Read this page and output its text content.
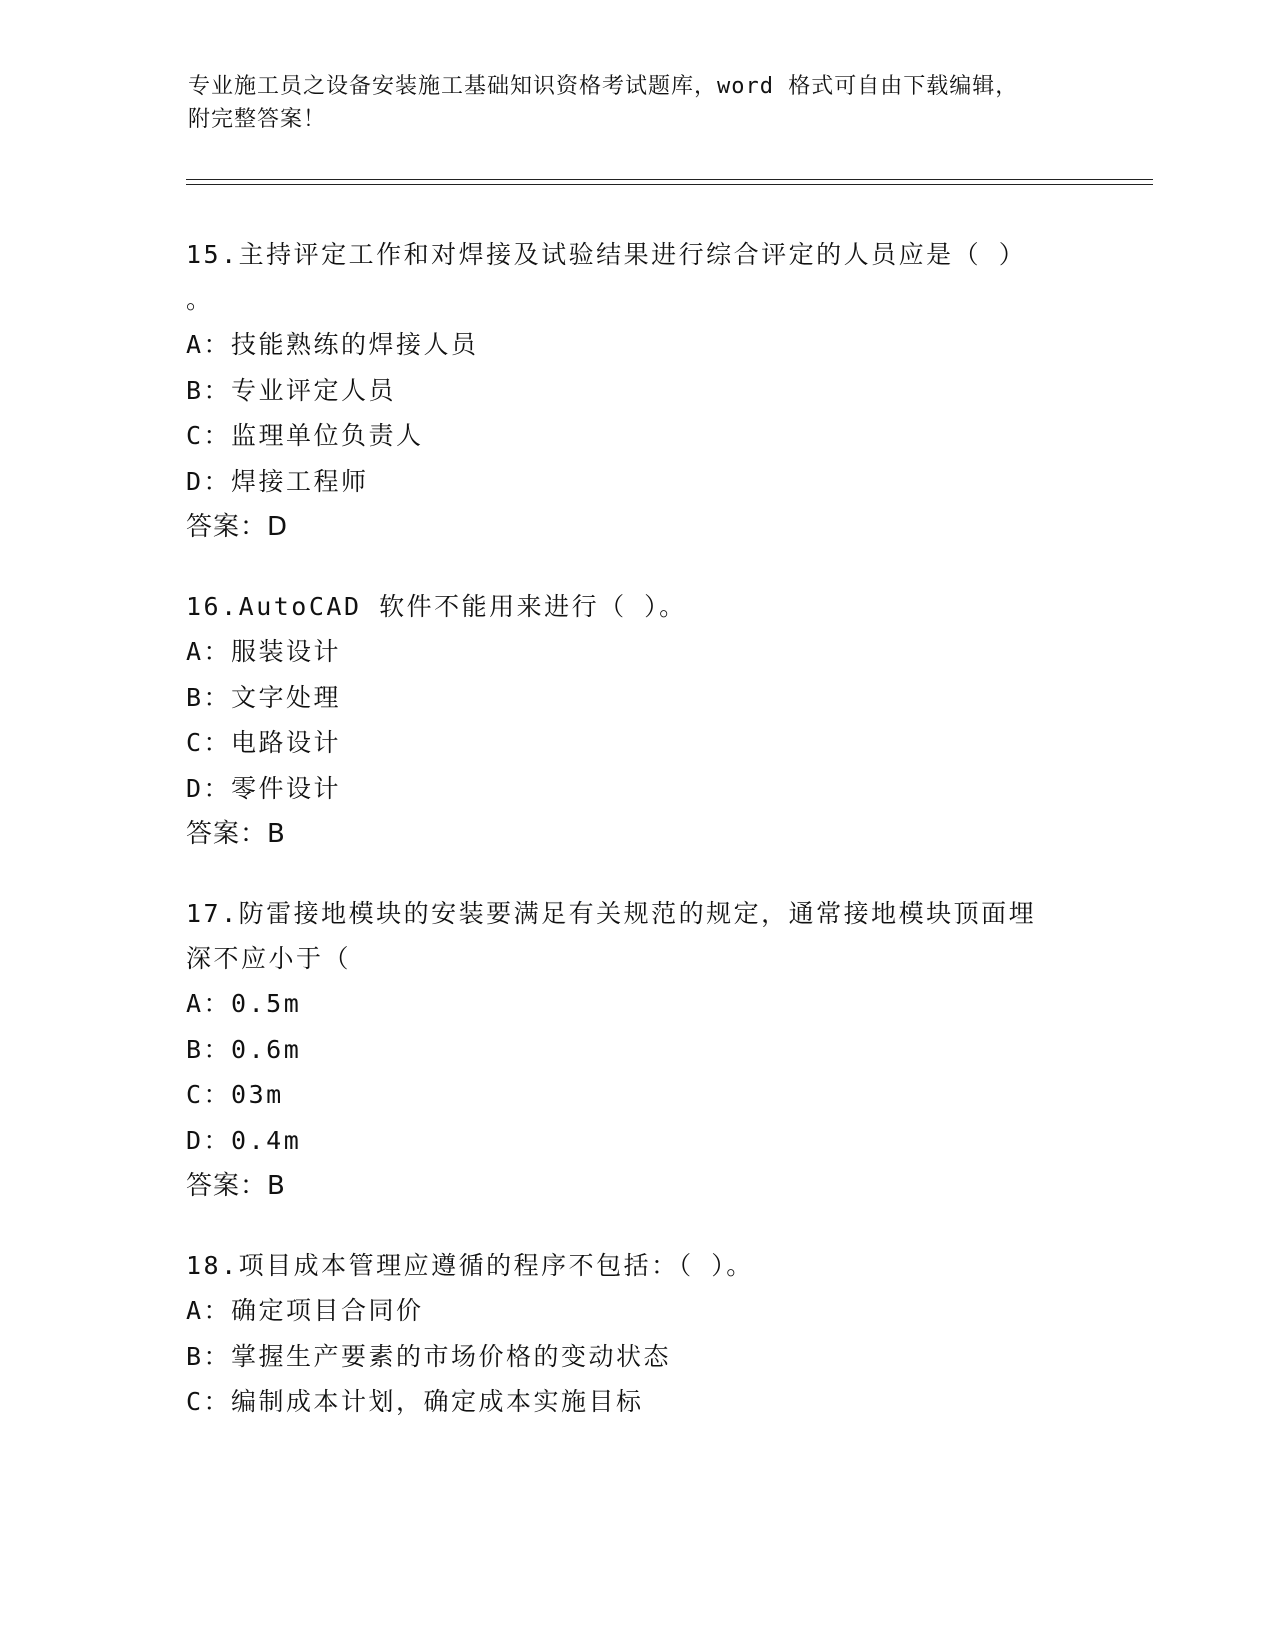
专业施工员之设备安装施工基础知识资格考试题库，word 格式可自由下载编辑，
附完整答案！

15.主持评定工作和对焊接及试验结果进行综合评定的人员应是（ ）

。

A：技能熟练的焊接人员

B：专业评定人员

C：监理单位负责人

D：焊接工程师

答案：D

16.AutoCAD 软件不能用来进行（ ）。

A：服装设计

B：文字处理

C：电路设计

D：零件设计

答案：B

17.防雷接地模块的安装要满足有关规范的规定，通常接地模块顶面埋

深不应小于（

A：0.5m

B：0.6m

C：03m

D：0.4m

答案：B

18.项目成本管理应遵循的程序不包括：（ ）。

A：确定项目合同价

B：掌握生产要素的市场价格的变动状态

C：编制成本计划，确定成本实施目标
